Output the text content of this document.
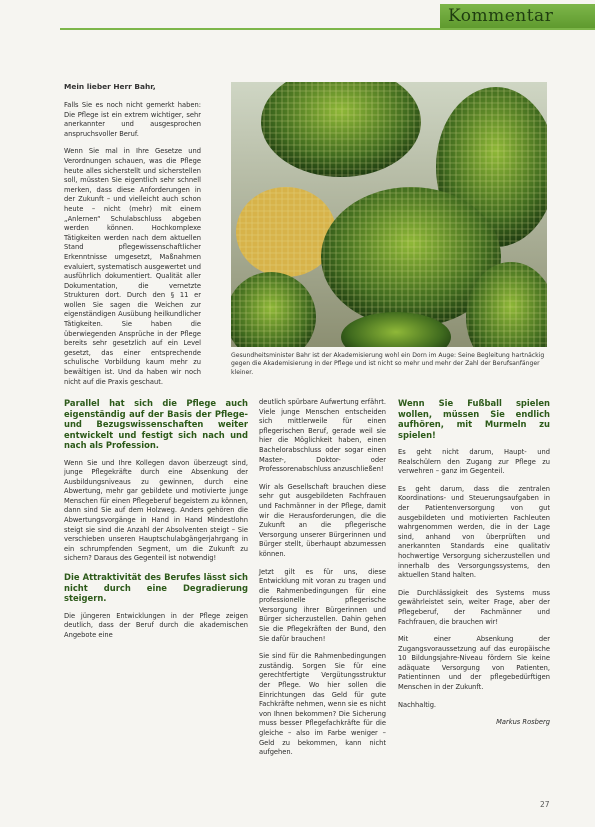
Kommentar
Mein lieber Herr Bahr,

Falls Sie es noch nicht gemerkt haben: Die Pflege ist ein extrem wichtiger, sehr anerkannter und ausgesprochen anspruchsvoller Beruf.

Wenn Sie mal in Ihre Gesetze und Verordnungen schauen, was die Pflege heute alles sicherstellt und sicherstellen soll, müssten Sie eigentlich sehr schnell merken, dass diese Anforderungen in der Zukunft – und vielleicht auch schon heute – nicht (mehr) mit einem „Anlernen“ Schulabschluss abgeben werden können. Hochkomplexe Tätigkeiten werden nach dem aktuellen Stand pflegewissenschaftlicher Erkenntnisse umgesetzt, Maßnahmen evaluiert, systematisch ausgewertet und ausführlich dokumentiert. Qualität aller Dokumentation, die vernetzte Strukturen dort. Durch den § 11 er wollen Sie sagen die Weichen zur eigenständigen Ausübung heilkundlicher Tätigkeiten. Sie haben die überwiegenden Ansprüche in der Pflege bereits sehr gesetzlich auf ein Level gesetzt, das einer entsprechende schulische Vorbildung kaum mehr zu bewältigen ist. Und da haben wir noch nicht auf die Praxis geschaut.

Gesundheitsminister Bahr ist der Akademisierung wohl ein Dorn im Auge: Seine Begleitung hartnäckig gegen die Akademisierung in der Pflege und ist nicht so mehr und mehr der Zahl der Berufsanfänger kleiner.
Parallel hat sich die Pflege auch eigenständig auf der Basis der Pflege- und Bezugswissenschaften weiter entwickelt und festigt sich nach und nach als Profession.

Wenn Sie und Ihre Kollegen davon überzeugt sind, junge Pflegekräfte durch eine Absenkung der Ausbildungsniveaus zu gewinnen, durch eine Abwertung, mehr gar gebildete und motivierte junge Menschen für einen Pflegeberuf begeistern zu können, dann sind Sie auf dem Holzweg. Anders gehören die Abwertungsvorgänge in Hand in Hand Mindestlohn steigt sie sind die Anzahl der Absolventen steigt – Sie verschieben unseren Hauptschulabgängerjahrgang in ein schrumpfenden Segment, um die Zukunft zu sichern? Daraus des Gegenteil ist notwendig!

Die Attraktivität des Berufes lässt sich nicht durch eine Degradierung steigern.

Die jüngeren Entwicklungen in der Pflege zeigen deutlich, dass der Beruf durch die akademischen Angebote eine

deutlich spürbare Aufwertung erfährt. Viele junge Menschen entscheiden sich mittlerweile für einen pflegerischen Beruf, gerade weil sie hier die Möglichkeit haben, einen Bachelorabschluss oder sogar einen Master-, Doktor- oder Professorenabschluss anzuschließen!

Wir als Gesellschaft brauchen diese sehr gut ausgebildeten Fachfrauen und Fachmänner in der Pflege, damit wir die Herausforderungen, die die Zukunft an die pflegerische Versorgung unserer Bürgerinnen und Bürger stellt, überhaupt abzumessen können.

Jetzt gilt es für uns, diese Entwicklung mit voran zu tragen und die Rahmenbedingungen für eine professionelle pflegerische Versorgung ihrer Bürgerinnen und Bürger sicherzustellen. Dahin gehen Sie die Pflegekräften der Bund, den Sie dafür brauchen!

Sie sind für die Rahmenbedingungen zuständig. Sorgen Sie für eine gerechtfertigte Vergütungsstruktur der Pflege. Wo hier sollen die Einrichtungen das Geld für gute Fachkräfte nehmen, wenn sie es nicht von Ihnen bekommen? Die Sicherung muss besser Pflegefachkräfte für die gleiche – also im Farbe weniger – Geld zu bekommen, kann nicht aufgehen.

Wenn Sie Fußball spielen wollen, müssen Sie endlich aufhören, mit Murmeln zu spielen!

Es geht nicht darum, Haupt- und Realschülern den Zugang zur Pflege zu verwehren – ganz im Gegenteil.

Es geht darum, dass die zentralen Koordinations- und Steuerungsaufgaben in der Patientenversorgung von gut ausgebildeten und motivierten Fachleuten wahrgenommen werden, die in der Lage sind, anhand von überprüften und anerkannten Standards eine qualitativ hochwertige Versorgung sicherzustellen und innerhalb des Versorgungssystems, den aktuellen Stand halten.

Die Durchlässigkeit des Systems muss gewährleistet sein, weiter Frage, aber der Pflegeberuf, der Fachmänner und Fachfrauen, die brauchen wir!

Mit einer Absenkung der Zugangsvoraussetzung auf das europäische 10 Bildungsjahre-Niveau fördern Sie keine adäquate Versorgung von Patienten, Patientinnen und der pflegebedürftigen Menschen in der Zukunft.

Nachhaltig.

Markus Rosberg

27
